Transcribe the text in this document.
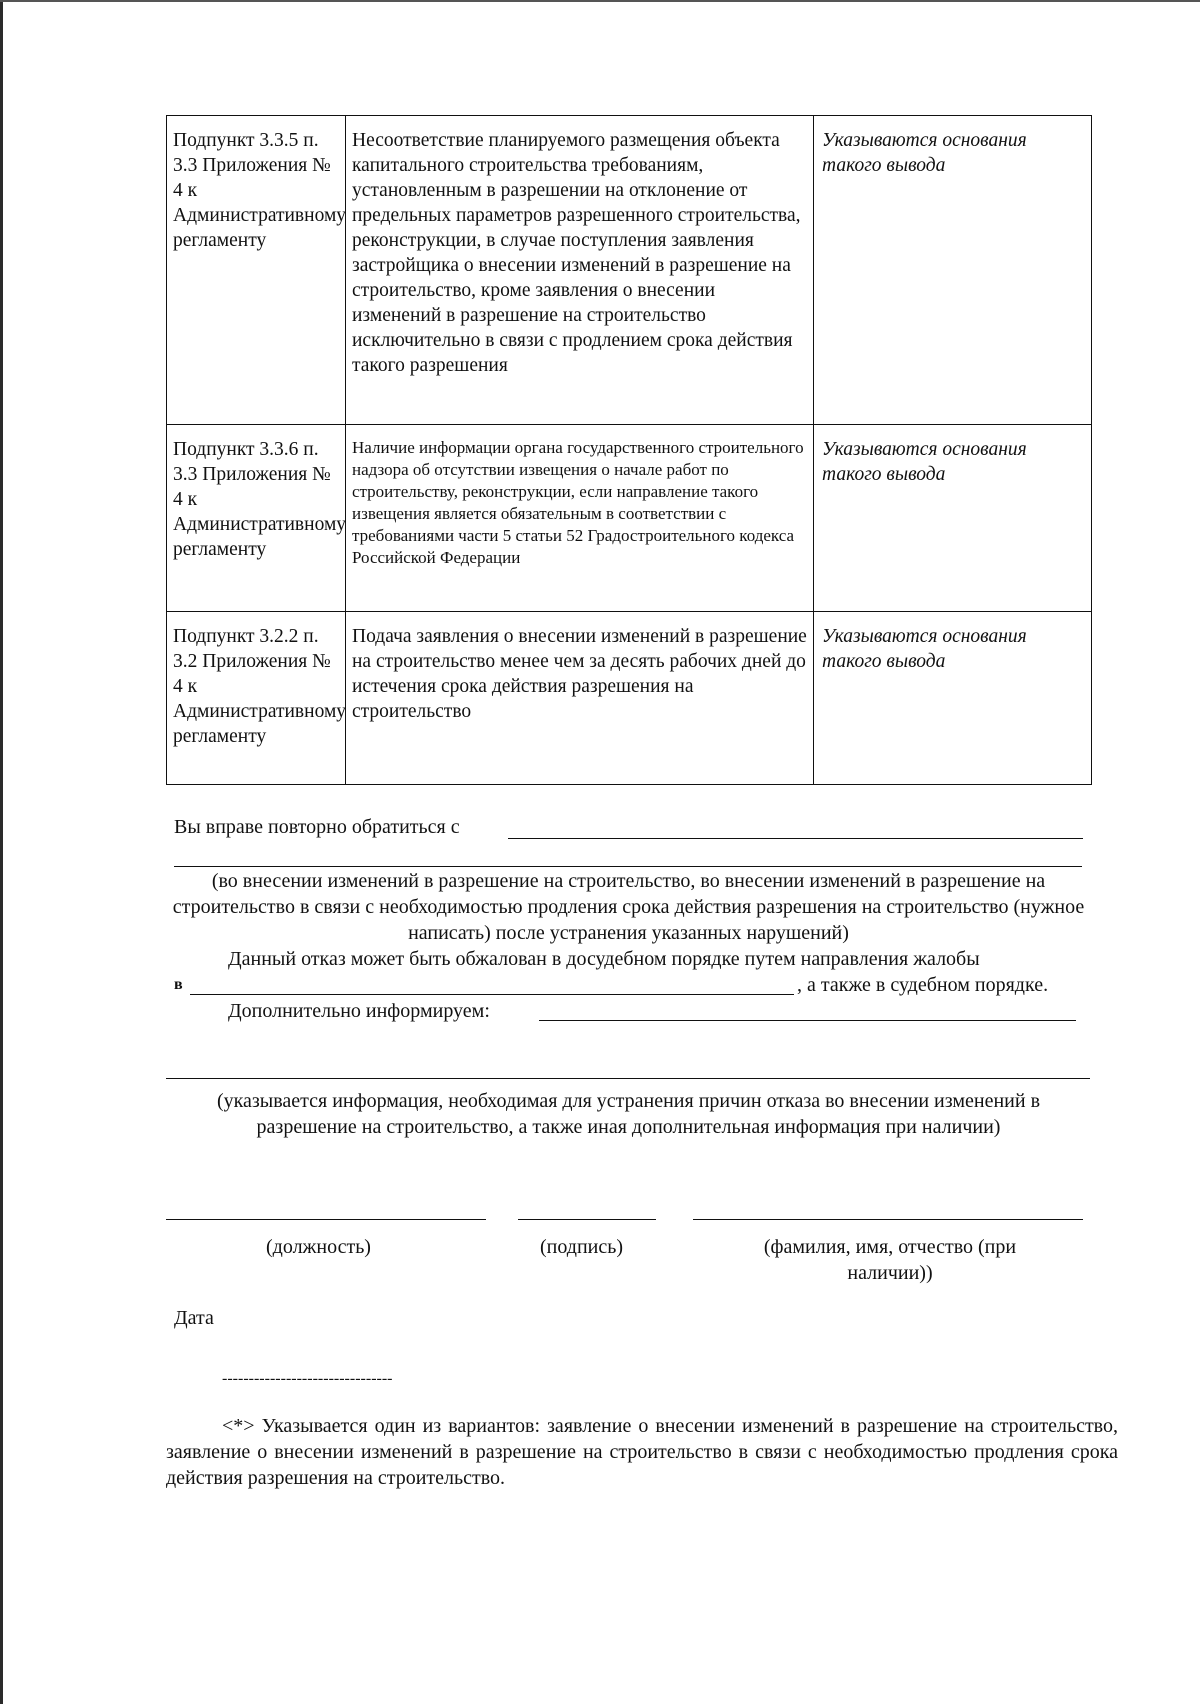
Подпункт 3.3.5 п. 3.3 Приложения № 4 к Административному регламенту	Несоответствие планируемого размещения объекта капитального строительства требованиям, установленным в разрешении на отклонение от предельных параметров разрешенного строительства, реконструкции, в случае поступления заявления застройщика о внесении изменений в разрешение на строительство, кроме заявления о внесении изменений в разрешение на строительство исключительно в связи с продлением срока действия такого разрешения	Указываются основания такого вывода
Подпункт 3.3.6 п. 3.3 Приложения № 4 к Административному регламенту	Наличие информации органа государственного строительного надзора об отсутствии извещения о начале работ по строительству, реконструкции, если направление такого извещения является обязательным в соответствии с требованиями части 5 статьи 52 Градостроительного кодекса Российской Федерации	Указываются основания такого вывода
Подпункт 3.2.2 п. 3.2 Приложения № 4 к Административному регламенту	Подача заявления о внесении изменений в разрешение на строительство менее чем за десять рабочих дней до истечения срока действия разрешения на строительство	Указываются основания такого вывода
Вы вправе повторно обратиться с
(во внесении изменений в разрешение на строительство, во внесении изменений в разрешение на строительство в связи с необходимостью продления срока действия разрешения на строительство (нужное написать) после устранения указанных нарушений)
Данный отказ может быть обжалован в досудебном порядке путем направления жалобы
в	, а также в судебном порядке.
Дополнительно информируем:
(указывается информация, необходимая для устранения причин отказа во внесении изменений в разрешение на строительство, а также иная дополнительная информация при наличии)
(должность)	(подпись)	(фамилия, имя, отчество (при наличии))
Дата
--------------------------------
<*> Указывается один из вариантов: заявление о внесении изменений в разрешение на строительство, заявление о внесении изменений в разрешение на строительство в связи с необходимостью продления срока действия разрешения на строительство.
